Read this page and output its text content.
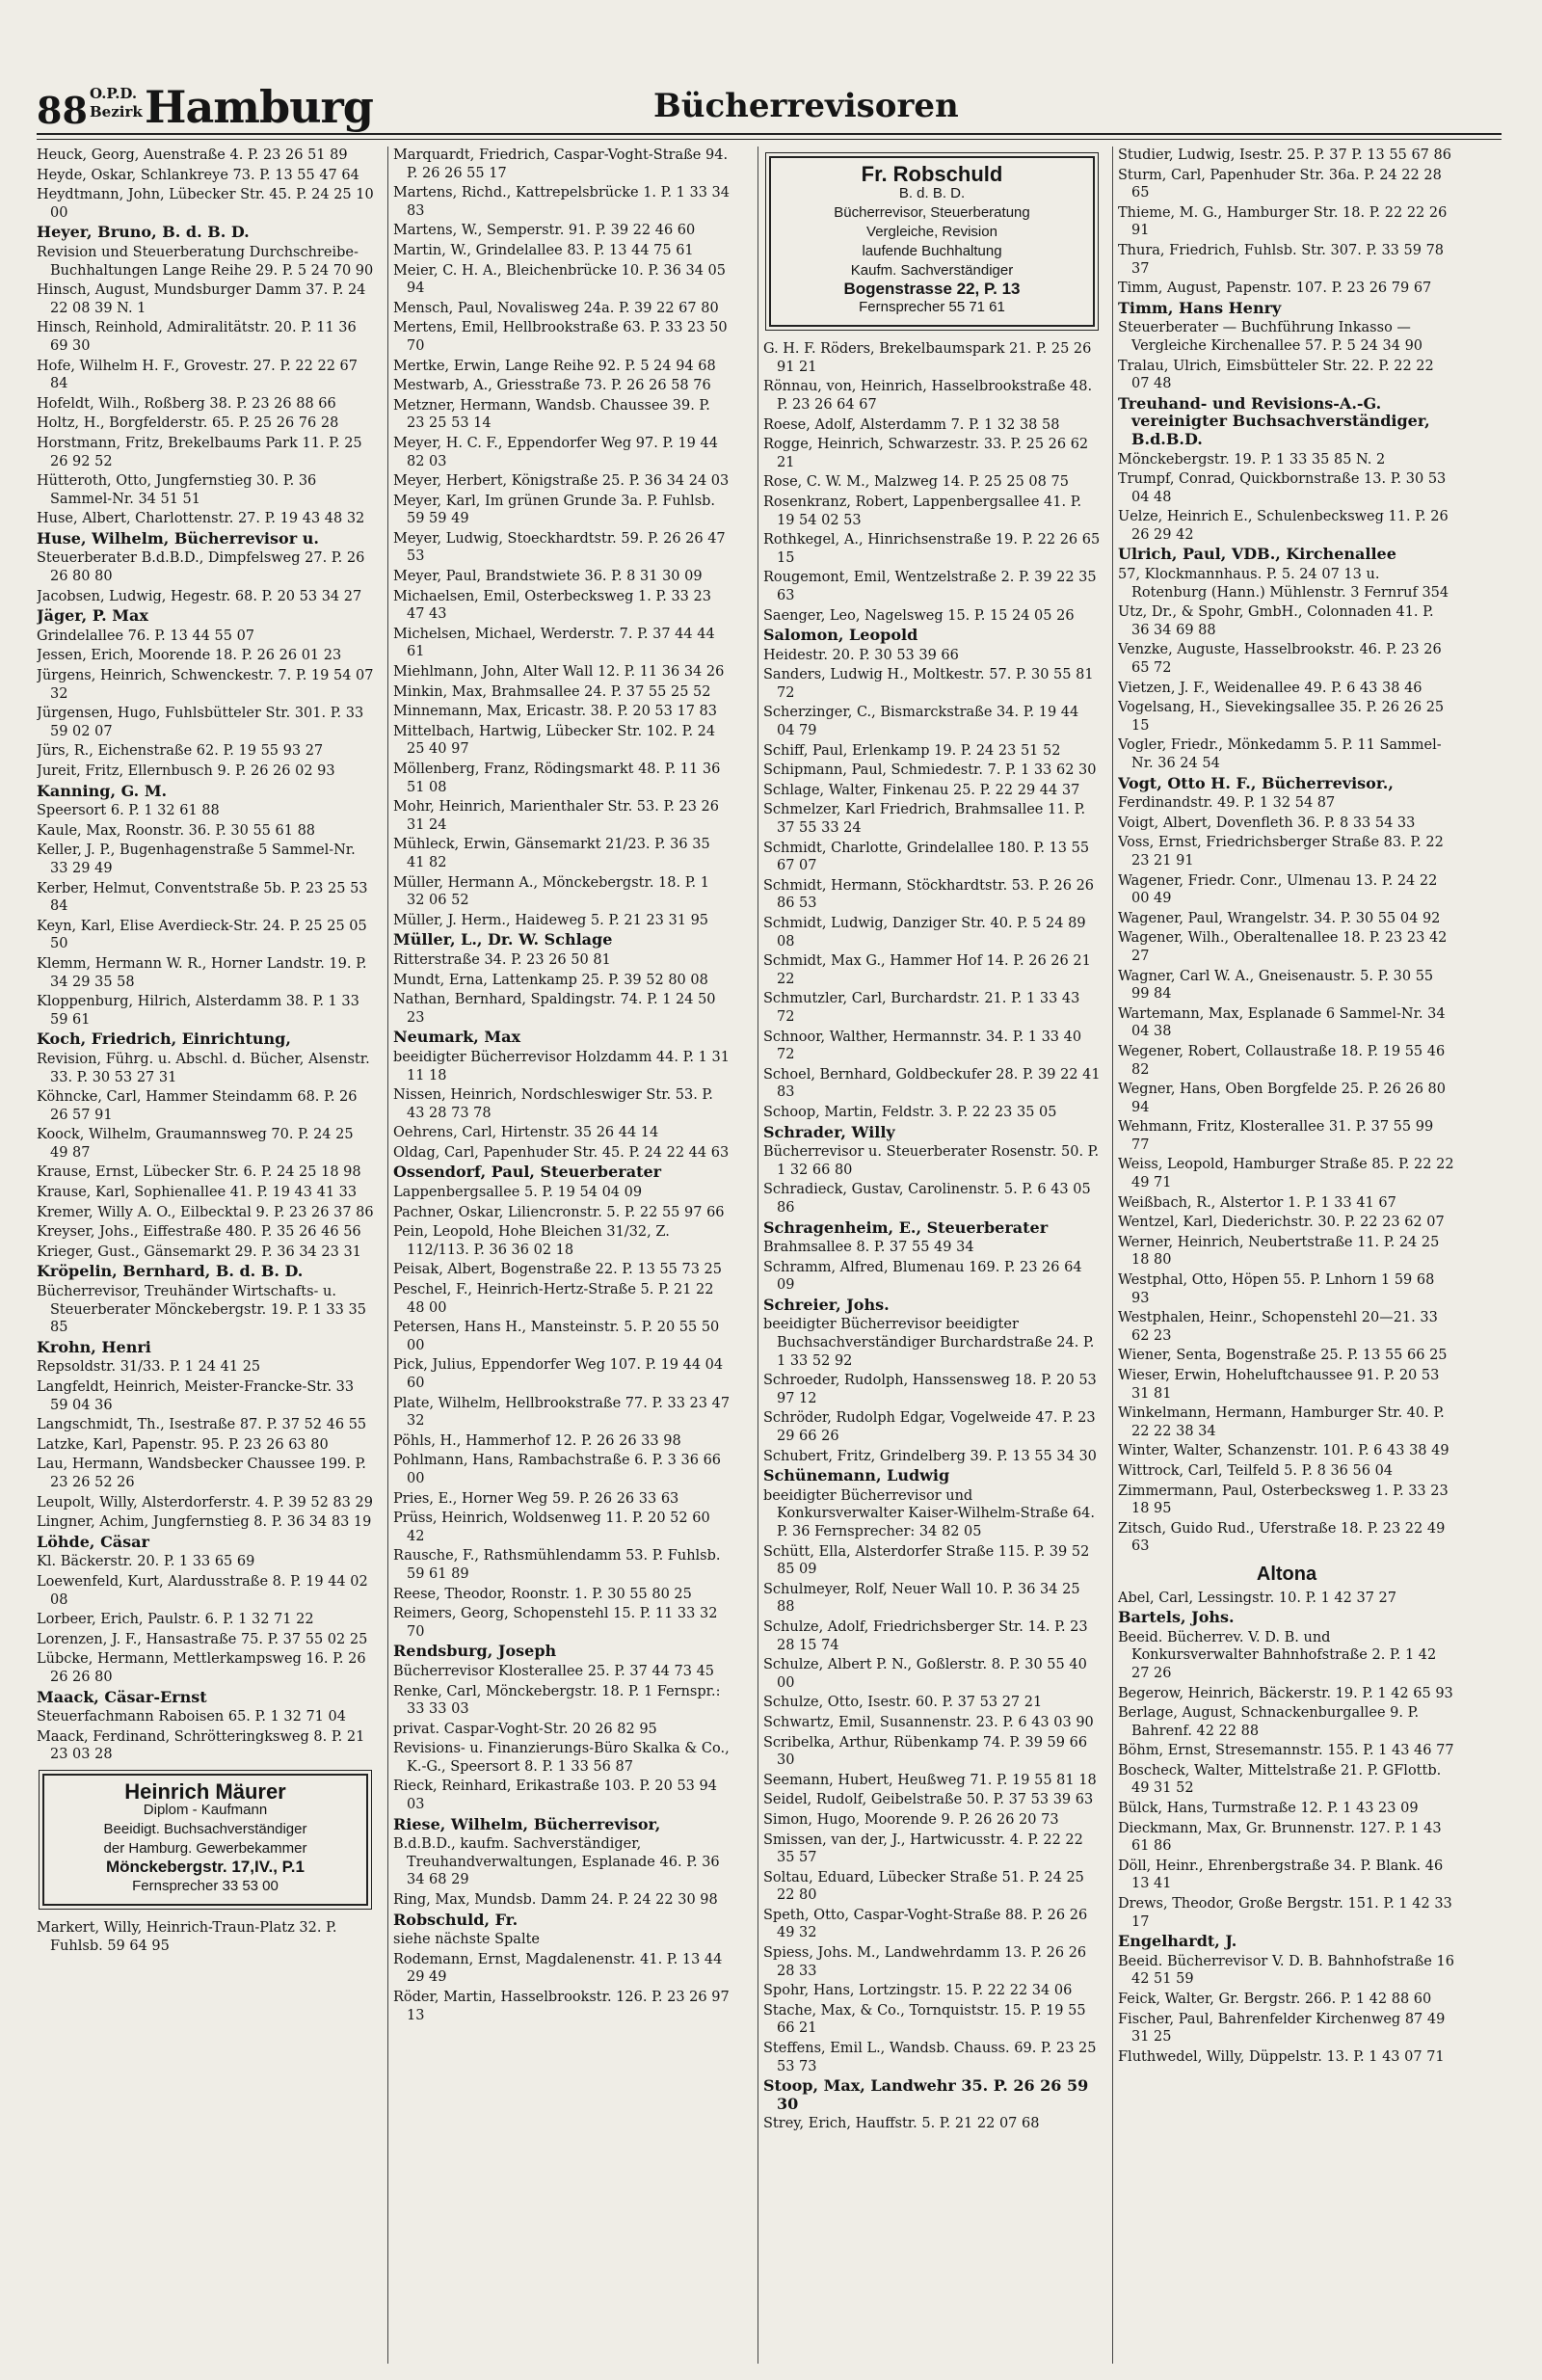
88 O.P.D.
Bezirk Hamburg	Bücherrevisoren
Heuck, Georg, Auenstraße 4. P. 23 26 51 89
Heyde, Oskar, Schlankreye 73. P. 13 55 47 64
Heydtmann, John, Lübecker Str. 45. P. 24 25 10 00
Heyer, Bruno, B. d. B. D.
Revision und Steuerberatung Durchschreibe-Buchhaltungen Lange Reihe 29. P. 5 24 70 90
Hinsch, August, Mundsburger Damm 37. P. 24 22 08 39 N. 1
Hinsch, Reinhold, Admiralitätstr. 20. P. 11 36 69 30
Hofe, Wilhelm H. F., Grovestr. 27. P. 22 22 67 84
Hofeldt, Wilh., Roßberg 38. P. 23 26 88 66
Holtz, H., Borgfelderstr. 65. P. 25 26 76 28
Horstmann, Fritz, Brekelbaums Park 11. P. 25 26 92 52
Hütteroth, Otto, Jungfernstieg 30. P. 36 Sammel-Nr. 34 51 51
Huse, Albert, Charlottenstr. 27. P. 19 43 48 32
Huse, Wilhelm, Bücherrevisor u.
Steuerberater B.d.B.D., Dimpfelsweg 27. P. 26 26 80 80
Jacobsen, Ludwig, Hegestr. 68. P. 20 53 34 27
Jäger, P. Max
Grindelallee 76. P. 13 44 55 07
Jessen, Erich, Moorende 18. P. 26 26 01 23
Jürgens, Heinrich, Schwenckestr. 7. P. 19 54 07 32
Jürgensen, Hugo, Fuhlsbütteler Str. 301. P. 33 59 02 07
Jürs, R., Eichenstraße 62. P. 19 55 93 27
Jureit, Fritz, Ellernbusch 9. P. 26 26 02 93
Kanning, G. M.
Speersort 6. P. 1 32 61 88
Kaule, Max, Roonstr. 36. P. 30 55 61 88
Keller, J. P., Bugenhagenstraße 5 Sammel-Nr. 33 29 49
Kerber, Helmut, Conventstraße 5b. P. 23 25 53 84
Keyn, Karl, Elise Averdieck-Str. 24. P. 25 25 05 50
Klemm, Hermann W. R., Horner Landstr. 19. P. 34 29 35 58
Kloppenburg, Hilrich, Alsterdamm 38. P. 1 33 59 61
Koch, Friedrich, Einrichtung,
Revision, Führg. u. Abschl. d. Bücher, Alsenstr. 33. P. 30 53 27 31
Köhncke, Carl, Hammer Steindamm 68. P. 26 26 57 91
Koock, Wilhelm, Graumannsweg 70. P. 24 25 49 87
Krause, Ernst, Lübecker Str. 6. P. 24 25 18 98
Krause, Karl, Sophienallee 41. P. 19 43 41 33
Kremer, Willy A. O., Eilbecktal 9. P. 23 26 37 86
Kreyser, Johs., Eiffestraße 480. P. 35 26 46 56
Krieger, Gust., Gänsemarkt 29. P. 36 34 23 31
Kröpelin, Bernhard, B. d. B. D.
Bücherrevisor, Treuhänder Wirtschafts- u. Steuerberater Mönckebergstr. 19. P. 1 33 35 85
Krohn, Henri
Repsoldstr. 31/33. P. 1 24 41 25
Langfeldt, Heinrich, Meister-Francke-Str. 33 59 04 36
Langschmidt, Th., Isestraße 87. P. 37 52 46 55
Latzke, Karl, Papenstr. 95. P. 23 26 63 80
Lau, Hermann, Wandsbecker Chaussee 199. P. 23 26 52 26
Leupolt, Willy, Alsterdorferstr. 4. P. 39 52 83 29
Lingner, Achim, Jungfernstieg 8. P. 36 34 83 19
Löhde, Cäsar
Kl. Bäckerstr. 20. P. 1 33 65 69
Loewenfeld, Kurt, Alardusstraße 8. P. 19 44 02 08
Lorbeer, Erich, Paulstr. 6. P. 1 32 71 22
Lorenzen, J. F., Hansastraße 75. P. 37 55 02 25
Lübcke, Hermann, Mettlerkampsweg 16. P. 26 26 26 80
Maack, Cäsar-Ernst
Steuerfachmann Raboisen 65. P. 1 32 71 04
Maack, Ferdinand, Schrötteringksweg 8. P. 21 23 03 28
Heinrich Mäurer
Diplom - Kaufmann
Beeidigt. Buchsachverständiger
der Hamburg. Gewerbekammer
Mönckebergstr. 17,IV., P.1
Fernsprecher 33 53 00
Markert, Willy, Heinrich-Traun-Platz 32. P. Fuhlsb. 59 64 95
Marquardt, Friedrich, Caspar-Voght-Straße 94. P. 26 26 55 17
Martens, Richd., Kattrepelsbrücke 1. P. 1 33 34 83
Martens, W., Semperstr. 91. P. 39 22 46 60
Martin, W., Grindelallee 83. P. 13 44 75 61
Meier, C. H. A., Bleichenbrücke 10. P. 36 34 05 94
Mensch, Paul, Novalisweg 24a. P. 39 22 67 80
Mertens, Emil, Hellbrookstraße 63. P. 33 23 50 70
Mertke, Erwin, Lange Reihe 92. P. 5 24 94 68
Mestwarb, A., Griesstraße 73. P. 26 26 58 76
Metzner, Hermann, Wandsb. Chaussee 39. P. 23 25 53 14
Meyer, H. C. F., Eppendorfer Weg 97. P. 19 44 82 03
Meyer, Herbert, Königstraße 25. P. 36 34 24 03
Meyer, Karl, Im grünen Grunde 3a. P. Fuhlsb. 59 59 49
Meyer, Ludwig, Stoeckhardtstr. 59. P. 26 26 47 53
Meyer, Paul, Brandstwiete 36. P. 8 31 30 09
Michaelsen, Emil, Osterbecksweg 1. P. 33 23 47 43
Michelsen, Michael, Werderstr. 7. P. 37 44 44 61
Miehlmann, John, Alter Wall 12. P. 11 36 34 26
Minkin, Max, Brahmsallee 24. P. 37 55 25 52
Minnemann, Max, Ericastr. 38. P. 20 53 17 83
Mittelbach, Hartwig, Lübecker Str. 102. P. 24 25 40 97
Möllenberg, Franz, Rödingsmarkt 48. P. 11 36 51 08
Mohr, Heinrich, Marienthaler Str. 53. P. 23 26 31 24
Mühleck, Erwin, Gänsemarkt 21/23. P. 36 35 41 82
Müller, Hermann A., Mönckebergstr. 18. P. 1 32 06 52
Müller, J. Herm., Haideweg 5. P. 21 23 31 95
Müller, L., Dr. W. Schlage
Ritterstraße 34. P. 23 26 50 81
Mundt, Erna, Lattenkamp 25. P. 39 52 80 08
Nathan, Bernhard, Spaldingstr. 74. P. 1 24 50 23
Neumark, Max
beeidigter Bücherrevisor Holzdamm 44. P. 1 31 11 18
Nissen, Heinrich, Nordschleswiger Str. 53. P. 43 28 73 78
Oehrens, Carl, Hirtenstr. 35 26 44 14
Oldag, Carl, Papenhuder Str. 45. P. 24 22 44 63
Ossendorf, Paul, Steuerberater
Lappenbergsallee 5. P. 19 54 04 09
Pachner, Oskar, Liliencronstr. 5. P. 22 55 97 66
Pein, Leopold, Hohe Bleichen 31/32, Z. 112/113. P. 36 36 02 18
Peisak, Albert, Bogenstraße 22. P. 13 55 73 25
Peschel, F., Heinrich-Hertz-Straße 5. P. 21 22 48 00
Petersen, Hans H., Mansteinstr. 5. P. 20 55 50 00
Pick, Julius, Eppendorfer Weg 107. P. 19 44 04 60
Plate, Wilhelm, Hellbrookstraße 77. P. 33 23 47 32
Pöhls, H., Hammerhof 12. P. 26 26 33 98
Pohlmann, Hans, Rambachstraße 6. P. 3 36 66 00
Pries, E., Horner Weg 59. P. 26 26 33 63
Prüss, Heinrich, Woldsenweg 11. P. 20 52 60 42
Rausche, F., Rathsmühlendamm 53. P. Fuhlsb. 59 61 89
Reese, Theodor, Roonstr. 1. P. 30 55 80 25
Reimers, Georg, Schopenstehl 15. P. 11 33 32 70
Rendsburg, Joseph
Bücherrevisor Klosterallee 25. P. 37 44 73 45
Renke, Carl, Mönckebergstr. 18. P. 1 Fernspr.: 33 33 03
privat. Caspar-Voght-Str. 20 26 82 95
Revisions- u. Finanzierungs-Büro Skalka & Co., K.-G., Speersort 8. P. 1 33 56 87
Rieck, Reinhard, Erikastraße 103. P. 20 53 94 03
Riese, Wilhelm, Bücherrevisor,
B.d.B.D., kaufm. Sachverständiger, Treuhandverwaltungen, Esplanade 46. P. 36 34 68 29
Ring, Max, Mundsb. Damm 24. P. 24 22 30 98
Robschuld, Fr.
siehe nächste Spalte
Rodemann, Ernst, Magdalenenstr. 41. P. 13 44 29 49
Röder, Martin, Hasselbrookstr. 126. P. 23 26 97 13
Fr. Robschuld
B. d. B. D.
Bücherrevisor, Steuerberatung
Vergleiche, Revision
laufende Buchhaltung
Kaufm. Sachverständiger
Bogenstrasse 22, P. 13
Fernsprecher 55 71 61
G. H. F. Röders, Brekelbaumspark 21. P. 25 26 91 21
Rönnau, von, Heinrich, Hasselbrookstraße 48. P. 23 26 64 67
Roese, Adolf, Alsterdamm 7. P. 1 32 38 58
Rogge, Heinrich, Schwarzestr. 33. P. 25 26 62 21
Rose, C. W. M., Malzweg 14. P. 25 25 08 75
Rosenkranz, Robert, Lappenbergsallee 41. P. 19 54 02 53
Rothkegel, A., Hinrichsenstraße 19. P. 22 26 65 15
Rougemont, Emil, Wentzelstraße 2. P. 39 22 35 63
Saenger, Leo, Nagelsweg 15. P. 15 24 05 26
Salomon, Leopold
Heidestr. 20. P. 30 53 39 66
Sanders, Ludwig H., Moltkestr. 57. P. 30 55 81 72
Scherzinger, C., Bismarckstraße 34. P. 19 44 04 79
Schiff, Paul, Erlenkamp 19. P. 24 23 51 52
Schipmann, Paul, Schmiedestr. 7. P. 1 33 62 30
Schlage, Walter, Finkenau 25. P. 22 29 44 37
Schmelzer, Karl Friedrich, Brahmsallee 11. P. 37 55 33 24
Schmidt, Charlotte, Grindelallee 180. P. 13 55 67 07
Schmidt, Hermann, Stöckhardtstr. 53. P. 26 26 86 53
Schmidt, Ludwig, Danziger Str. 40. P. 5 24 89 08
Schmidt, Max G., Hammer Hof 14. P. 26 26 21 22
Schmutzler, Carl, Burchardstr. 21. P. 1 33 43 72
Schnoor, Walther, Hermannstr. 34. P. 1 33 40 72
Schoel, Bernhard, Goldbeckufer 28. P. 39 22 41 83
Schoop, Martin, Feldstr. 3. P. 22 23 35 05
Schrader, Willy
Bücherrevisor u. Steuerberater Rosenstr. 50. P. 1 32 66 80
Schradieck, Gustav, Carolinenstr. 5. P. 6 43 05 86
Schragenheim, E., Steuerberater
Brahmsallee 8. P. 37 55 49 34
Schramm, Alfred, Blumenau 169. P. 23 26 64 09
Schreier, Johs.
beeidigter Bücherrevisor beeidigter Buchsachverständiger Burchardstraße 24. P. 1 33 52 92
Schroeder, Rudolph, Hanssensweg 18. P. 20 53 97 12
Schröder, Rudolph Edgar, Vogelweide 47. P. 23 29 66 26
Schubert, Fritz, Grindelberg 39. P. 13 55 34 30
Schünemann, Ludwig
beeidigter Bücherrevisor und Konkursverwalter Kaiser-Wilhelm-Straße 64. P. 36 Fernsprecher: 34 82 05
Schütt, Ella, Alsterdorfer Straße 115. P. 39 52 85 09
Schulmeyer, Rolf, Neuer Wall 10. P. 36 34 25 88
Schulze, Adolf, Friedrichsberger Str. 14. P. 23 28 15 74
Schulze, Albert P. N., Goßlerstr. 8. P. 30 55 40 00
Schulze, Otto, Isestr. 60. P. 37 53 27 21
Schwartz, Emil, Susannenstr. 23. P. 6 43 03 90
Scribelka, Arthur, Rübenkamp 74. P. 39 59 66 30
Seemann, Hubert, Heußweg 71. P. 19 55 81 18
Seidel, Rudolf, Geibelstraße 50. P. 37 53 39 63
Simon, Hugo, Moorende 9. P. 26 26 20 73
Smissen, van der, J., Hartwicusstr. 4. P. 22 22 35 57
Soltau, Eduard, Lübecker Straße 51. P. 24 25 22 80
Speth, Otto, Caspar-Voght-Straße 88. P. 26 26 49 32
Spiess, Johs. M., Landwehrdamm 13. P. 26 26 28 33
Spohr, Hans, Lortzingstr. 15. P. 22 22 34 06
Stache, Max, & Co., Tornquiststr. 15. P. 19 55 66 21
Steffens, Emil L., Wandsb. Chauss. 69. P. 23 25 53 73
Stoop, Max, Landwehr 35. P. 26 26 59 30
Strey, Erich, Hauffstr. 5. P. 21 22 07 68
Studier, Ludwig, Isestr. 25. P. 37 P. 13 55 67 86
Sturm, Carl, Papenhuder Str. 36a. P. 24 22 28 65
Thieme, M. G., Hamburger Str. 18. P. 22 22 26 91
Thura, Friedrich, Fuhlsb. Str. 307. P. 33 59 78 37
Timm, August, Papenstr. 107. P. 23 26 79 67
Timm, Hans Henry
Steuerberater — Buchführung Inkasso — Vergleiche Kirchenallee 57. P. 5 24 34 90
Tralau, Ulrich, Eimsbütteler Str. 22. P. 22 22 07 48
Treuhand- und Revisions-A.-G. vereinigter Buchsachverständiger, B.d.B.D.
Mönckebergstr. 19. P. 1 33 35 85 N. 2
Trumpf, Conrad, Quickbornstraße 13. P. 30 53 04 48
Uelze, Heinrich E., Schulenbecksweg 11. P. 26 26 29 42
Ulrich, Paul, VDB., Kirchenallee
57, Klockmannhaus. P. 5. 24 07 13 u. Rotenburg (Hann.) Mühlenstr. 3 Fernruf 354
Utz, Dr., & Spohr, GmbH., Colonnaden 41. P. 36 34 69 88
Venzke, Auguste, Hasselbrookstr. 46. P. 23 26 65 72
Vietzen, J. F., Weidenallee 49. P. 6 43 38 46
Vogelsang, H., Sievekingsallee 35. P. 26 26 25 15
Vogler, Friedr., Mönkedamm 5. P. 11 Sammel-Nr. 36 24 54
Vogt, Otto H. F., Bücherrevisor.,
Ferdinandstr. 49. P. 1 32 54 87
Voigt, Albert, Dovenfleth 36. P. 8 33 54 33
Voss, Ernst, Friedrichsberger Straße 83. P. 22 23 21 91
Wagener, Friedr. Conr., Ulmenau 13. P. 24 22 00 49
Wagener, Paul, Wrangelstr. 34. P. 30 55 04 92
Wagener, Wilh., Oberaltenallee 18. P. 23 23 42 27
Wagner, Carl W. A., Gneisenaustr. 5. P. 30 55 99 84
Wartemann, Max, Esplanade 6 Sammel-Nr. 34 04 38
Wegener, Robert, Collaustraße 18. P. 19 55 46 82
Wegner, Hans, Oben Borgfelde 25. P. 26 26 80 94
Wehmann, Fritz, Klosterallee 31. P. 37 55 99 77
Weiss, Leopold, Hamburger Straße 85. P. 22 22 49 71
Weißbach, R., Alstertor 1. P. 1 33 41 67
Wentzel, Karl, Diederichstr. 30. P. 22 23 62 07
Werner, Heinrich, Neubertstraße 11. P. 24 25 18 80
Westphal, Otto, Höpen 55. P. Lnhorn 1 59 68 93
Westphalen, Heinr., Schopenstehl 20—21. 33 62 23
Wiener, Senta, Bogenstraße 25. P. 13 55 66 25
Wieser, Erwin, Hoheluftchaussee 91. P. 20 53 31 81
Winkelmann, Hermann, Hamburger Str. 40. P. 22 22 38 34
Winter, Walter, Schanzenstr. 101. P. 6 43 38 49
Wittrock, Carl, Teilfeld 5. P. 8 36 56 04
Zimmermann, Paul, Osterbecksweg 1. P. 33 23 18 95
Zitsch, Guido Rud., Uferstraße 18. P. 23 22 49 63
Altona
Abel, Carl, Lessingstr. 10. P. 1 42 37 27
Bartels, Johs.
Beeid. Bücherrev. V. D. B. und Konkursverwalter Bahnhofstraße 2. P. 1 42 27 26
Begerow, Heinrich, Bäckerstr. 19. P. 1 42 65 93
Berlage, August, Schnackenburgallee 9. P. Bahrenf. 42 22 88
Böhm, Ernst, Stresemannstr. 155. P. 1 43 46 77
Boscheck, Walter, Mittelstraße 21. P. GFlottb. 49 31 52
Bülck, Hans, Turmstraße 12. P. 1 43 23 09
Dieckmann, Max, Gr. Brunnenstr. 127. P. 1 43 61 86
Döll, Heinr., Ehrenbergstraße 34. P. Blank. 46 13 41
Drews, Theodor, Große Bergstr. 151. P. 1 42 33 17
Engelhardt, J.
Beeid. Bücherrevisor V. D. B. Bahnhofstraße 16 42 51 59
Feick, Walter, Gr. Bergstr. 266. P. 1 42 88 60
Fischer, Paul, Bahrenfelder Kirchenweg 87 49 31 25
Fluthwedel, Willy, Düppelstr. 13. P. 1 43 07 71
